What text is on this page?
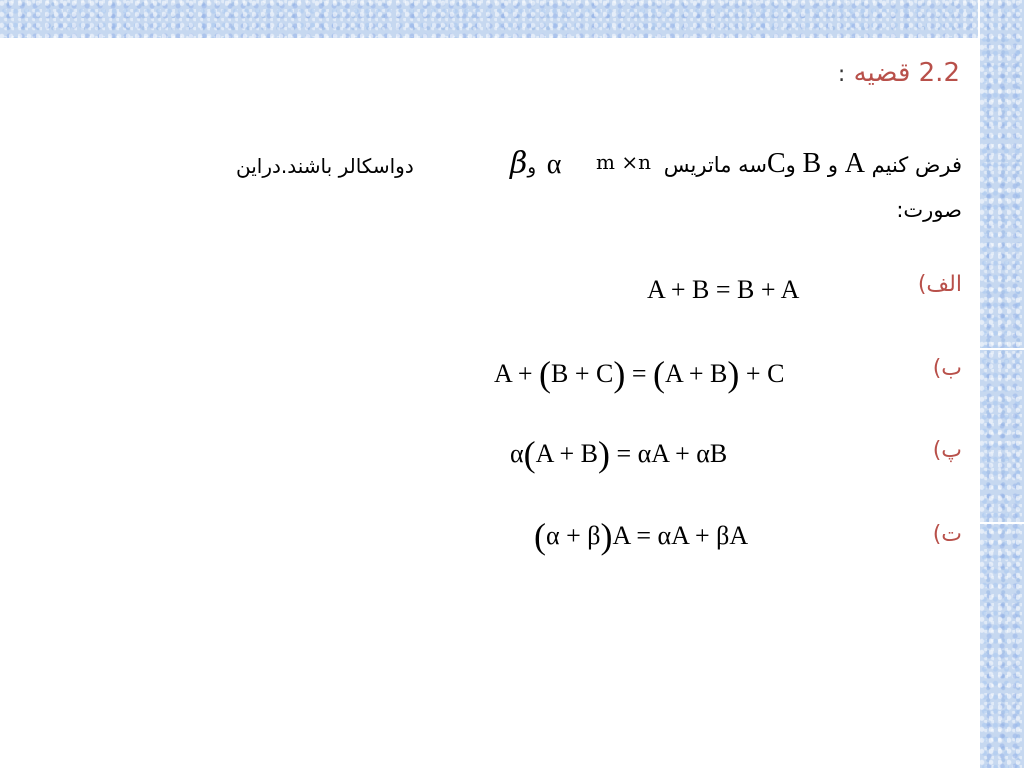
2.2 قضیه :
فرض کنیم A و B وCسه ماتریس
m ×n
βو α
دواسکالر باشند.دراین
صورت:
الف)
A + B = B + A
ب)
A + (B + C) = (A + B) + C
پ)
α(A + B) = αA + αB
ت)
(α + β)A = αA + βA
